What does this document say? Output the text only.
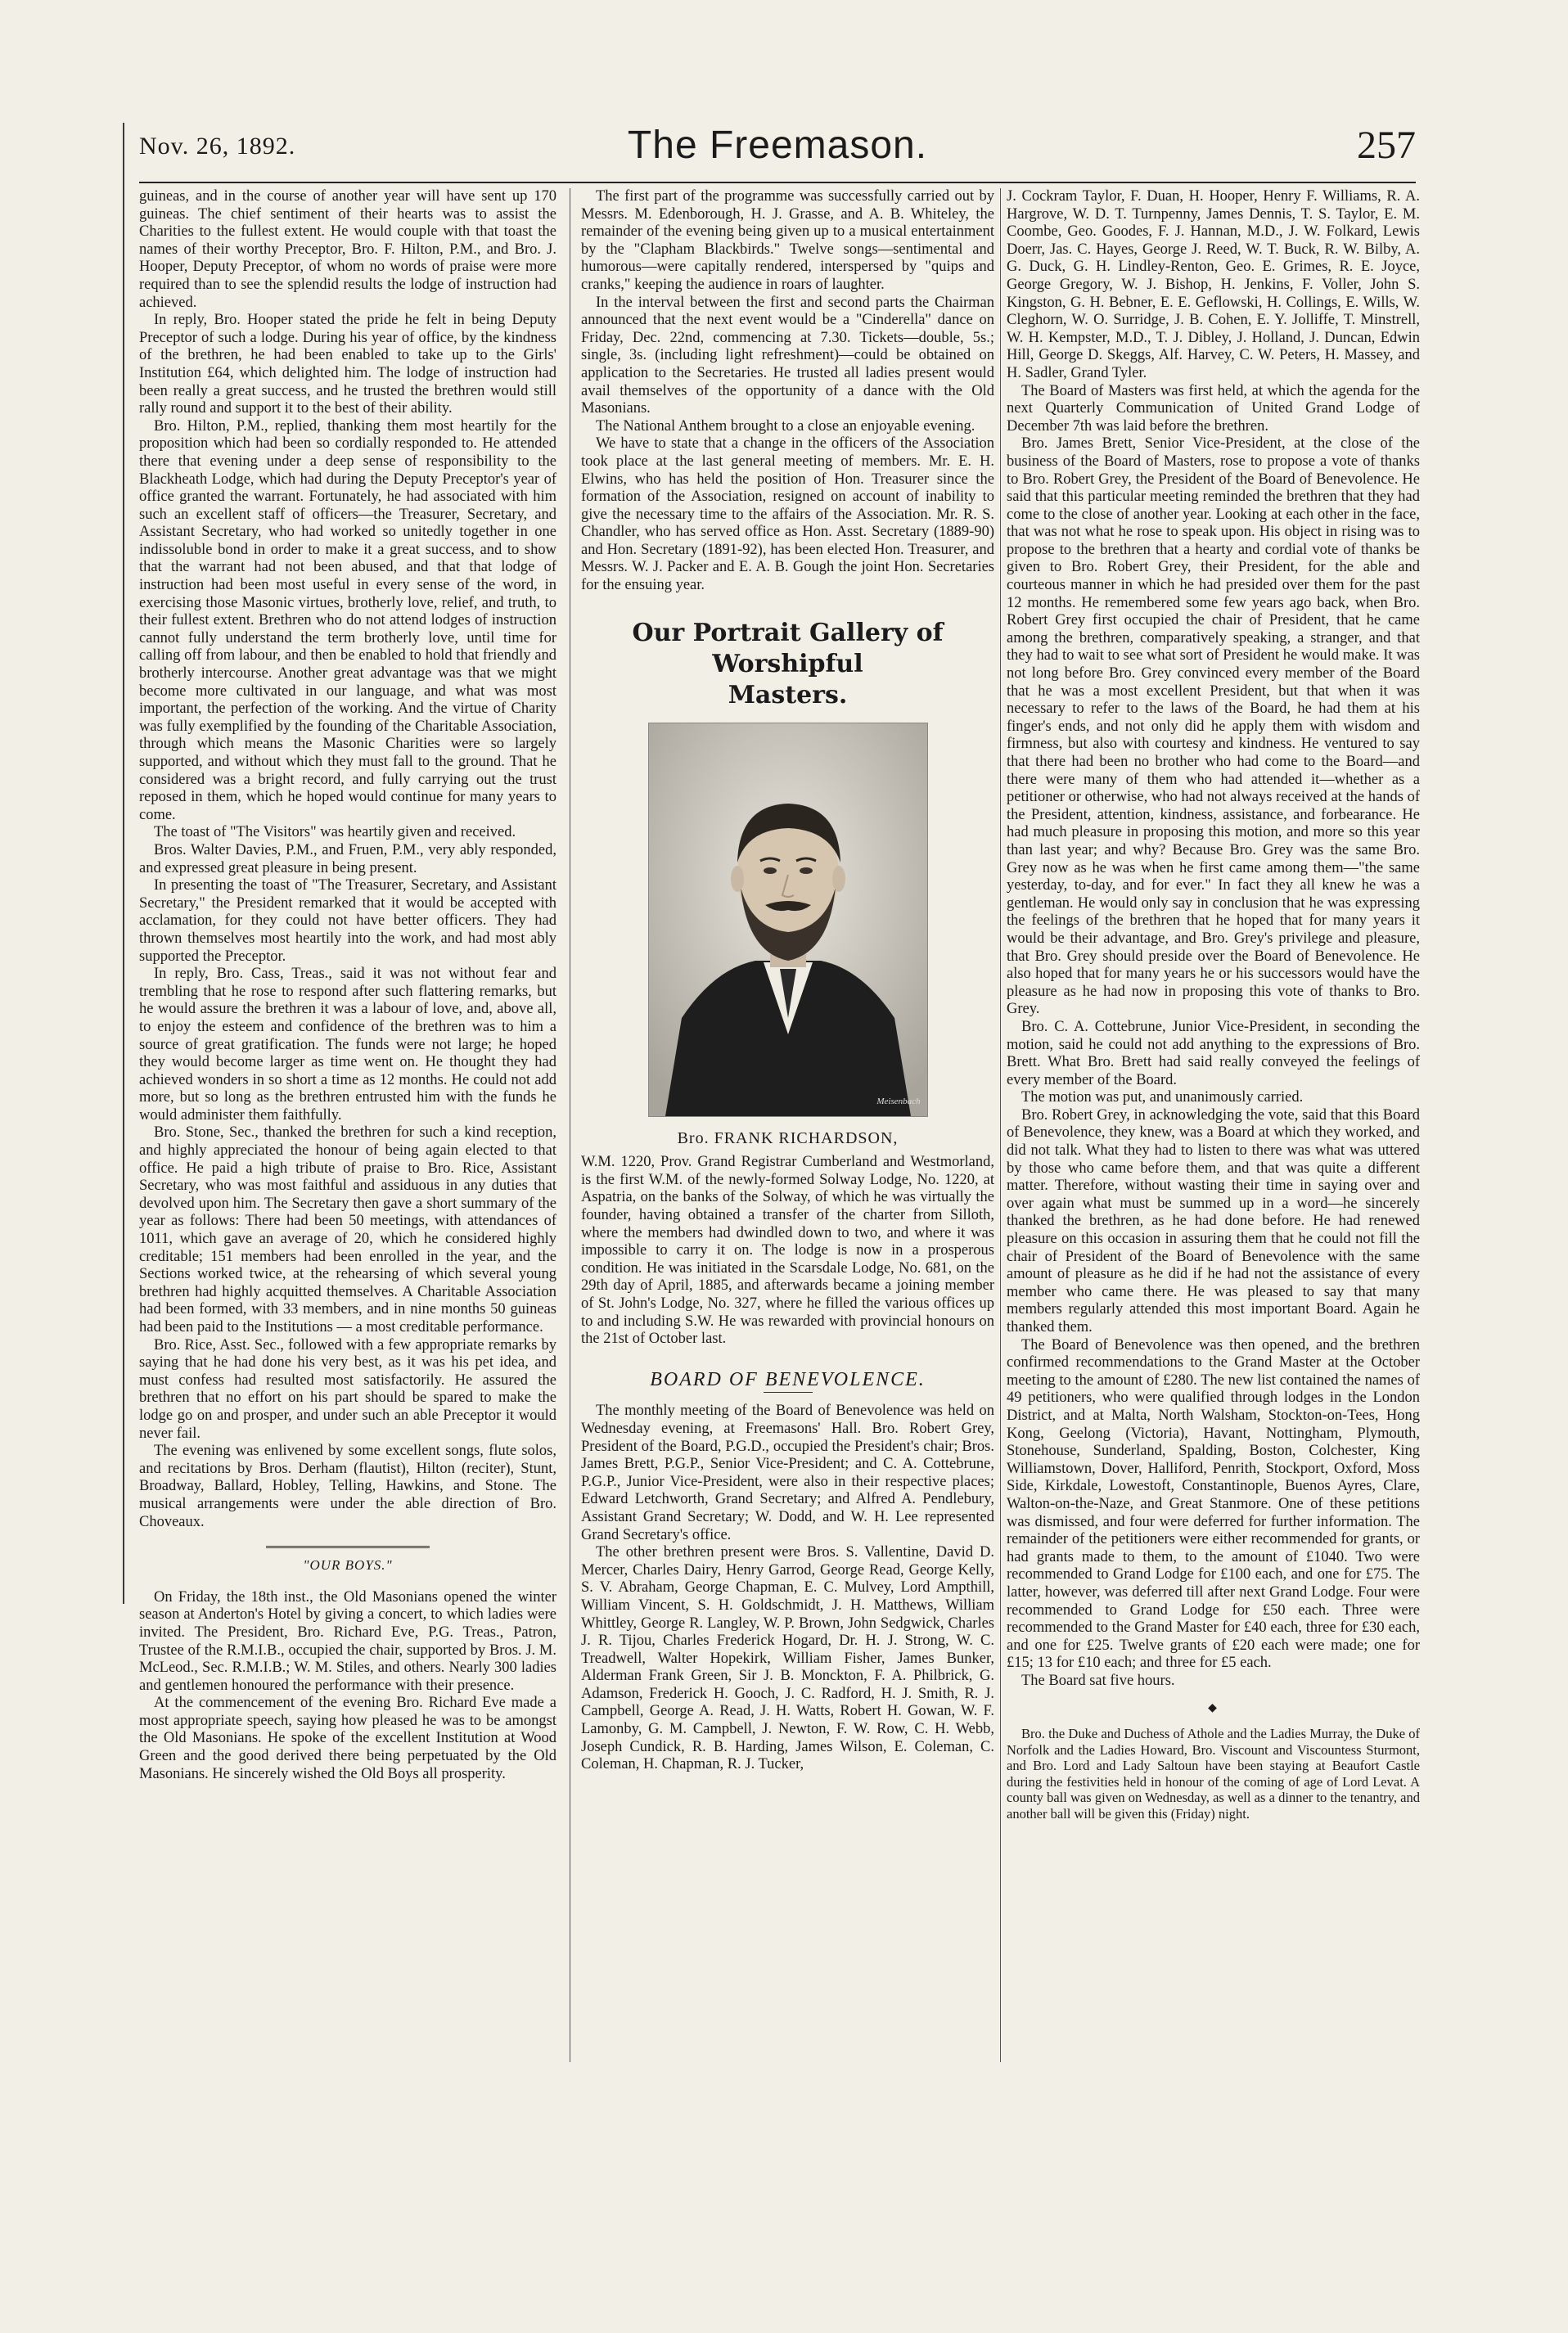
Nov. 26, 1892.	The Freemason.	257

guineas, and in the course of another year will have sent up 170 guineas. The chief sentiment of their hearts was to assist the Charities to the fullest extent. He would couple with that toast the names of their worthy Preceptor, Bro. F. Hilton, P.M., and Bro. J. Hooper, Deputy Preceptor, of whom no words of praise were more required than to see the splendid results the lodge of instruction had achieved.

In reply, Bro. Hooper stated the pride he felt in being Deputy Preceptor of such a lodge. During his year of office, by the kindness of the brethren, he had been enabled to take up to the Girls' Institution £64, which delighted him. The lodge of instruction had been really a great success, and he trusted the brethren would still rally round and support it to the best of their ability.

Bro. Hilton, P.M., replied, thanking them most heartily for the proposition which had been so cordially responded to. He attended there that evening under a deep sense of responsibility to the Blackheath Lodge, which had during the Deputy Preceptor's year of office granted the warrant. Fortunately, he had associated with him such an excellent staff of officers—the Treasurer, Secretary, and Assistant Secretary, who had worked so unitedly together in one indissoluble bond in order to make it a great success, and to show that the warrant had not been abused, and that that lodge of instruction had been most useful in every sense of the word, in exercising those Masonic virtues, brotherly love, relief, and truth, to their fullest extent. Brethren who do not attend lodges of instruction cannot fully understand the term brotherly love, until time for calling off from labour, and then be enabled to hold that friendly and brotherly intercourse. Another great advantage was that we might become more cultivated in our language, and what was most important, the perfection of the working. And the virtue of Charity was fully exemplified by the founding of the Charitable Association, through which means the Masonic Charities were so largely supported, and without which they must fall to the ground. That he considered was a bright record, and fully carrying out the trust reposed in them, which he hoped would continue for many years to come.

The toast of "The Visitors" was heartily given and received.

Bros. Walter Davies, P.M., and Fruen, P.M., very ably responded, and expressed great pleasure in being present.

In presenting the toast of "The Treasurer, Secretary, and Assistant Secretary," the President remarked that it would be accepted with acclamation, for they could not have better officers. They had thrown themselves most heartily into the work, and had most ably supported the Preceptor.

In reply, Bro. Cass, Treas., said it was not without fear and trembling that he rose to respond after such flattering remarks, but he would assure the brethren it was a labour of love, and, above all, to enjoy the esteem and confidence of the brethren was to him a source of great gratification. The funds were not large; he hoped they would become larger as time went on. He thought they had achieved wonders in so short a time as 12 months. He could not add more, but so long as the brethren entrusted him with the funds he would administer them faithfully.

Bro. Stone, Sec., thanked the brethren for such a kind reception, and highly appreciated the honour of being again elected to that office. He paid a high tribute of praise to Bro. Rice, Assistant Secretary, who was most faithful and assiduous in any duties that devolved upon him. The Secretary then gave a short summary of the year as follows: There had been 50 meetings, with attendances of 1011, which gave an average of 20, which he considered highly creditable; 151 members had been enrolled in the year, and the Sections worked twice, at the rehearsing of which several young brethren had highly acquitted themselves. A Charitable Association had been formed, with 33 members, and in nine months 50 guineas had been paid to the Institutions — a most creditable performance.

Bro. Rice, Asst. Sec., followed with a few appropriate remarks by saying that he had done his very best, as it was his pet idea, and must confess had resulted most satisfactorily. He assured the brethren that no effort on his part should be spared to make the lodge go on and prosper, and under such an able Preceptor it would never fail.

The evening was enlivened by some excellent songs, flute solos, and recitations by Bros. Derham (flautist), Hilton (reciter), Stunt, Broadway, Ballard, Hobley, Telling, Hawkins, and Stone. The musical arrangements were under the able direction of Bro. Choveaux.

"OUR BOYS."

On Friday, the 18th inst., the Old Masonians opened the winter season at Anderton's Hotel by giving a concert, to which ladies were invited. The President, Bro. Richard Eve, P.G. Treas., Patron, Trustee of the R.M.I.B., occupied the chair, supported by Bros. J. M. McLeod., Sec. R.M.I.B.; W. M. Stiles, and others. Nearly 300 ladies and gentlemen honoured the performance with their presence.

At the commencement of the evening Bro. Richard Eve made a most appropriate speech, saying how pleased he was to be amongst the Old Masonians. He spoke of the excellent Institution at Wood Green and the good derived there being perpetuated by the Old Masonians. He sincerely wished the Old Boys all prosperity.

The first part of the programme was successfully carried out by Messrs. M. Edenborough, H. J. Grasse, and A. B. Whiteley, the remainder of the evening being given up to a musical entertainment by the "Clapham Blackbirds." Twelve songs—sentimental and humorous—were capitally rendered, interspersed by "quips and cranks," keeping the audience in roars of laughter.

In the interval between the first and second parts the Chairman announced that the next event would be a "Cinderella" dance on Friday, Dec. 22nd, commencing at 7.30. Tickets—double, 5s.; single, 3s. (including light refreshment)—could be obtained on application to the Secretaries. He trusted all ladies present would avail themselves of the opportunity of a dance with the Old Masonians.

The National Anthem brought to a close an enjoyable evening.

We have to state that a change in the officers of the Association took place at the last general meeting of members. Mr. E. H. Elwins, who has held the position of Hon. Treasurer since the formation of the Association, resigned on account of inability to give the necessary time to the affairs of the Association. Mr. R. S. Chandler, who has served office as Hon. Asst. Secretary (1889-90) and Hon. Secretary (1891-92), has been elected Hon. Treasurer, and Messrs. W. J. Packer and E. A. B. Gough the joint Hon. Secretaries for the ensuing year.

Our Portrait Gallery of Worshipful
Masters.
Meisenbach
Bro. FRANK RICHARDSON,

W.M. 1220, Prov. Grand Registrar Cumberland and Westmorland, is the first W.M. of the newly-formed Solway Lodge, No. 1220, at Aspatria, on the banks of the Solway, of which he was virtually the founder, having obtained a transfer of the charter from Silloth, where the members had dwindled down to two, and where it was impossible to carry it on. The lodge is now in a prosperous condition. He was initiated in the Scarsdale Lodge, No. 681, on the 29th day of April, 1885, and afterwards became a joining member of St. John's Lodge, No. 327, where he filled the various offices up to and including S.W. He was rewarded with provincial honours on the 21st of October last.

BOARD OF BENEVOLENCE.

The monthly meeting of the Board of Benevolence was held on Wednesday evening, at Freemasons' Hall. Bro. Robert Grey, President of the Board, P.G.D., occupied the President's chair; Bros. James Brett, P.G.P., Senior Vice-President; and C. A. Cottebrune, P.G.P., Junior Vice-President, were also in their respective places; Edward Letchworth, Grand Secretary; and Alfred A. Pendlebury, Assistant Grand Secretary; W. Dodd, and W. H. Lee represented Grand Secretary's office.

The other brethren present were Bros. S. Vallentine, David D. Mercer, Charles Dairy, Henry Garrod, George Read, George Kelly, S. V. Abraham, George Chapman, E. C. Mulvey, Lord Ampthill, William Vincent, S. H. Goldschmidt, J. H. Matthews, William Whittley, George R. Langley, W. P. Brown, John Sedgwick, Charles J. R. Tijou, Charles Frederick Hogard, Dr. H. J. Strong, W. C. Treadwell, Walter Hopekirk, William Fisher, James Bunker, Alderman Frank Green, Sir J. B. Monckton, F. A. Philbrick, G. Adamson, Frederick H. Gooch, J. C. Radford, H. J. Smith, R. J. Campbell, George A. Read, J. H. Watts, Robert H. Gowan, W. F. Lamonby, G. M. Campbell, J. Newton, F. W. Row, C. H. Webb, Joseph Cundick, R. B. Harding, James Wilson, E. Coleman, C. Coleman, H. Chapman, R. J. Tucker,

J. Cockram Taylor, F. Duan, H. Hooper, Henry F. Williams, R. A. Hargrove, W. D. T. Turnpenny, James Dennis, T. S. Taylor, E. M. Coombe, Geo. Goodes, F. J. Hannan, M.D., J. W. Folkard, Lewis Doerr, Jas. C. Hayes, George J. Reed, W. T. Buck, R. W. Bilby, A. G. Duck, G. H. Lindley-Renton, Geo. E. Grimes, R. E. Joyce, George Gregory, W. J. Bishop, H. Jenkins, F. Voller, John S. Kingston, G. H. Bebner, E. E. Geflowski, H. Collings, E. Wills, W. Cleghorn, W. O. Surridge, J. B. Cohen, E. Y. Jolliffe, T. Minstrell, W. H. Kempster, M.D., T. J. Dibley, J. Holland, J. Duncan, Edwin Hill, George D. Skeggs, Alf. Harvey, C. W. Peters, H. Massey, and H. Sadler, Grand Tyler.

The Board of Masters was first held, at which the agenda for the next Quarterly Communication of United Grand Lodge of December 7th was laid before the brethren.

Bro. James Brett, Senior Vice-President, at the close of the business of the Board of Masters, rose to propose a vote of thanks to Bro. Robert Grey, the President of the Board of Benevolence. He said that this particular meeting reminded the brethren that they had come to the close of another year. Looking at each other in the face, that was not what he rose to speak upon. His object in rising was to propose to the brethren that a hearty and cordial vote of thanks be given to Bro. Robert Grey, their President, for the able and courteous manner in which he had presided over them for the past 12 months. He remembered some few years ago back, when Bro. Robert Grey first occupied the chair of President, that he came among the brethren, comparatively speaking, a stranger, and that they had to wait to see what sort of President he would make. It was not long before Bro. Grey convinced every member of the Board that he was a most excellent President, but that when it was necessary to refer to the laws of the Board, he had them at his finger's ends, and not only did he apply them with wisdom and firmness, but also with courtesy and kindness. He ventured to say that there had been no brother who had come to the Board—and there were many of them who had attended it—whether as a petitioner or otherwise, who had not always received at the hands of the President, attention, kindness, assistance, and forbearance. He had much pleasure in proposing this motion, and more so this year than last year; and why? Because Bro. Grey was the same Bro. Grey now as he was when he first came among them—"the same yesterday, to-day, and for ever." In fact they all knew he was a gentleman. He would only say in conclusion that he was expressing the feelings of the brethren that he hoped that for many years it would be their advantage, and Bro. Grey's privilege and pleasure, that Bro. Grey should preside over the Board of Benevolence. He also hoped that for many years he or his successors would have the pleasure as he had now in proposing this vote of thanks to Bro. Grey.

Bro. C. A. Cottebrune, Junior Vice-President, in seconding the motion, said he could not add anything to the expressions of Bro. Brett. What Bro. Brett had said really conveyed the feelings of every member of the Board.

The motion was put, and unanimously carried.

Bro. Robert Grey, in acknowledging the vote, said that this Board of Benevolence, they knew, was a Board at which they worked, and did not talk. What they had to listen to there was what was uttered by those who came before them, and that was quite a different matter. Therefore, without wasting their time in saying over and over again what must be summed up in a word—he sincerely thanked the brethren, as he had done before. He had renewed pleasure on this occasion in assuring them that he could not fill the chair of President of the Board of Benevolence with the same amount of pleasure as he did if he had not the assistance of every member who came there. He was pleased to say that many members regularly attended this most important Board. Again he thanked them.

The Board of Benevolence was then opened, and the brethren confirmed recommendations to the Grand Master at the October meeting to the amount of £280. The new list contained the names of 49 petitioners, who were qualified through lodges in the London District, and at Malta, North Walsham, Stockton-on-Tees, Hong Kong, Geelong (Victoria), Havant, Nottingham, Plymouth, Stonehouse, Sunderland, Spalding, Boston, Colchester, King Williamstown, Dover, Halliford, Penrith, Stockport, Oxford, Moss Side, Kirkdale, Lowestoft, Constantinople, Buenos Ayres, Clare, Walton-on-the-Naze, and Great Stanmore. One of these petitions was dismissed, and four were deferred for further information. The remainder of the petitioners were either recommended for grants, or had grants made to them, to the amount of £1040. Two were recommended to Grand Lodge for £100 each, and one for £75. The latter, however, was deferred till after next Grand Lodge. Four were recommended to Grand Lodge for £50 each. Three were recommended to the Grand Master for £40 each, three for £30 each, and one for £25. Twelve grants of £20 each were made; one for £15; 13 for £10 each; and three for £5 each.

The Board sat five hours.

◆

Bro. the Duke and Duchess of Athole and the Ladies Murray, the Duke of Norfolk and the Ladies Howard, Bro. Viscount and Viscountess Sturmont, and Bro. Lord and Lady Saltoun have been staying at Beaufort Castle during the festivities held in honour of the coming of age of Lord Levat. A county ball was given on Wednesday, as well as a dinner to the tenantry, and another ball will be given this (Friday) night.
